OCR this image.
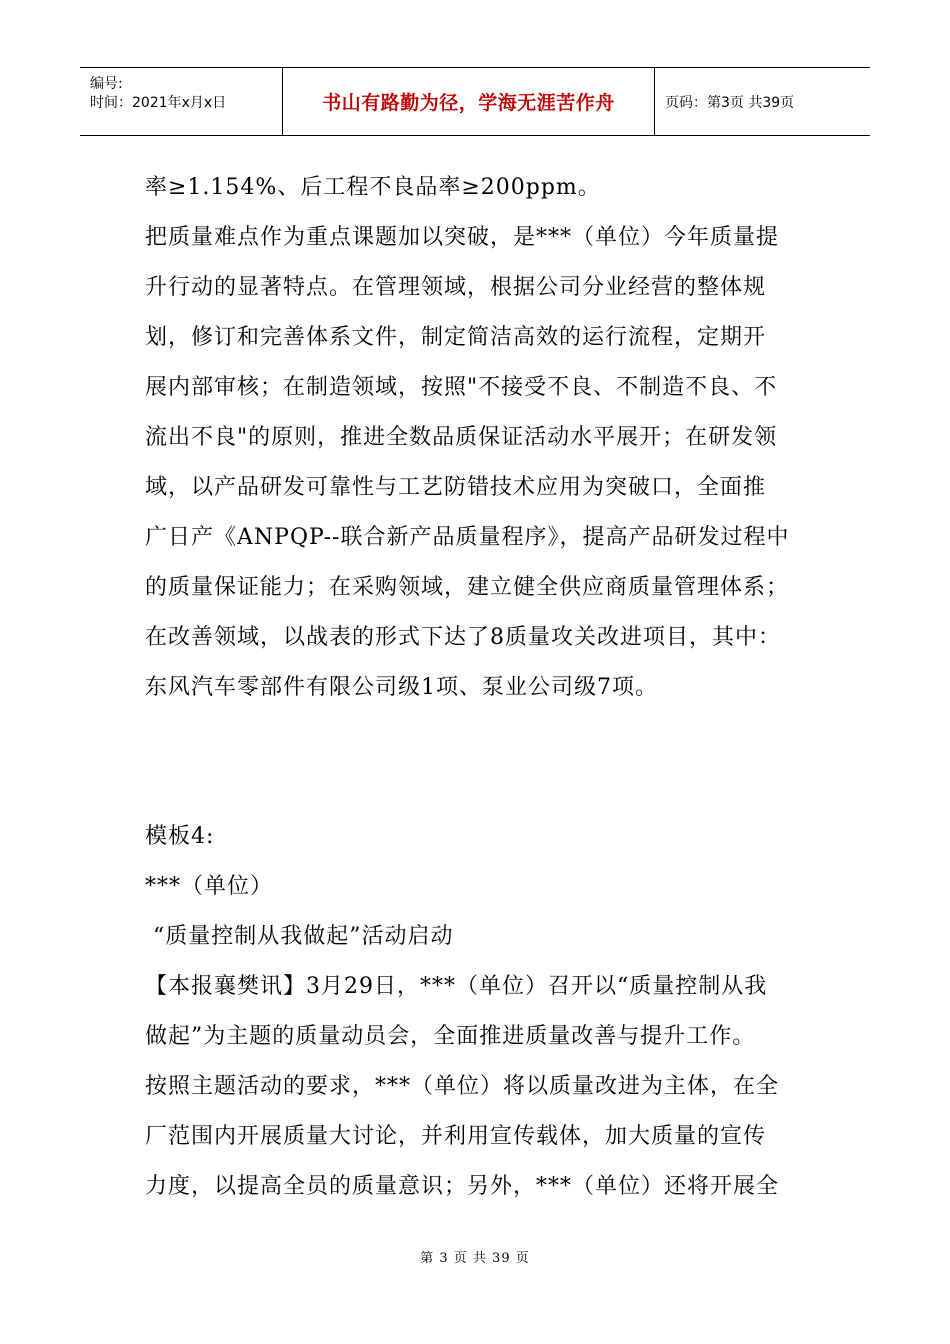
编号:
时间：2021年x月x日	书山有路勤为径，学海无涯苦作舟	页码：第3页 共39页
率≥1.154%、后工程不良品率≥200ppm。
把质量难点作为重点课题加以突破，是***（单位）今年质量提
升行动的显著特点。在管理领域，根据公司分业经营的整体规
划，修订和完善体系文件，制定简洁高效的运行流程，定期开
展内部审核；在制造领域，按照"不接受不良、不制造不良、不
流出不良"的原则，推进全数品质保证活动水平展开；在研发领
域，以产品研发可靠性与工艺防错技术应用为突破口，全面推
广日产《ANPQP--联合新产品质量程序》，提高产品研发过程中
的质量保证能力；在采购领域，建立健全供应商质量管理体系；
在改善领域，以战表的形式下达了8质量攻关改进项目，其中：
东风汽车零部件有限公司级1项、泵业公司级7项。
模板4:
***（单位）
“质量控制从我做起”活动启动
【本报襄樊讯】3月29日，***（单位）召开以“质量控制从我
做起”为主题的质量动员会，全面推进质量改善与提升工作。
按照主题活动的要求，***（单位）将以质量改进为主体，在全
厂范围内开展质量大讨论，并利用宣传载体，加大质量的宣传
力度，以提高全员的质量意识；另外，***（单位）还将开展全
第 3 页 共 39 页
